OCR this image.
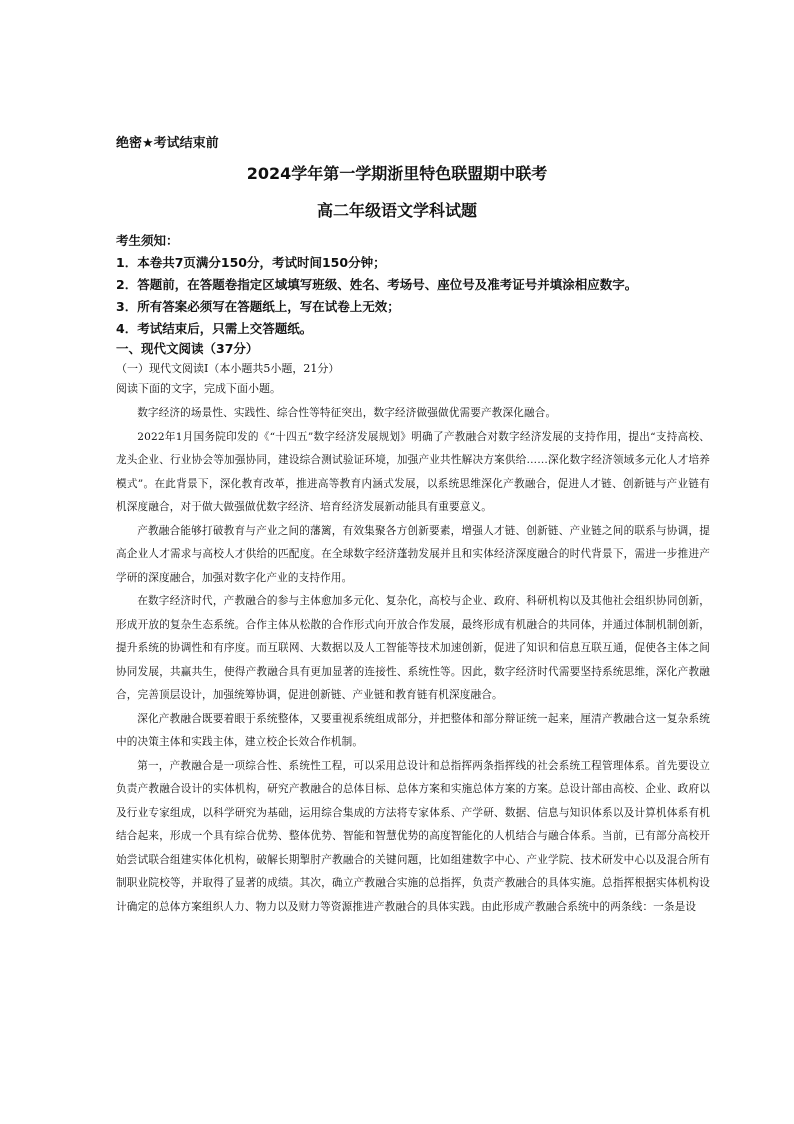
绝密★考试结束前
2024学年第一学期浙里特色联盟期中联考
高二年级语文学科试题
考生须知：
1．本卷共7页满分150分，考试时间150分钟；
2．答题前，在答题卷指定区域填写班级、姓名、考场号、座位号及准考证号并填涂相应数字。
3．所有答案必须写在答题纸上，写在试卷上无效；
4．考试结束后，只需上交答题纸。
一、现代文阅读（37分）
（一）现代文阅读Ⅰ（本小题共5小题，21分）
阅读下面的文字，完成下面小题。

数字经济的场景性、实践性、综合性等特征突出，数字经济做强做优需要产教深化融合。

2022年1月国务院印发的《“十四五”数字经济发展规划》明确了产教融合对数字经济发展的支持作用，提出“支持高校、龙头企业、行业协会等加强协同，建设综合测试验证环境，加强产业共性解决方案供给……深化数字经济领域多元化人才培养模式”。在此背景下，深化教育改革，推进高等教育内涵式发展，以系统思维深化产教融合，促进人才链、创新链与产业链有机深度融合，对于做大做强做优数字经济、培育经济发展新动能具有重要意义。

产教融合能够打破教育与产业之间的藩篱，有效集聚各方创新要素，增强人才链、创新链、产业链之间的联系与协调，提高企业人才需求与高校人才供给的匹配度。在全球数字经济蓬勃发展并且和实体经济深度融合的时代背景下，需进一步推进产学研的深度融合，加强对数字化产业的支持作用。

在数字经济时代，产教融合的参与主体愈加多元化、复杂化，高校与企业、政府、科研机构以及其他社会组织协同创新，形成开放的复杂生态系统。合作主体从松散的合作形式向开放合作发展，最终形成有机融合的共同体，并通过体制机制创新，提升系统的协调性和有序度。而互联网、大数据以及人工智能等技术加速创新，促进了知识和信息互联互通，促使各主体之间协同发展，共赢共生，使得产教融合具有更加显著的连接性、系统性等。因此，数字经济时代需要坚持系统思维，深化产教融合，完善顶层设计，加强统筹协调，促进创新链、产业链和教育链有机深度融合。

深化产教融合既要着眼于系统整体，又要重视系统组成部分，并把整体和部分辩证统一起来，厘清产教融合这一复杂系统中的决策主体和实践主体，建立校企长效合作机制。

第一，产教融合是一项综合性、系统性工程，可以采用总设计和总指挥两条指挥线的社会系统工程管理体系。首先要设立负责产教融合设计的实体机构，研究产教融合的总体目标、总体方案和实施总体方案的方案。总设计部由高校、企业、政府以及行业专家组成，以科学研究为基础，运用综合集成的方法将专家体系、产学研、数据、信息与知识体系以及计算机体系有机结合起来，形成一个具有综合优势、整体优势、智能和智慧优势的高度智能化的人机结合与融合体系。当前，已有部分高校开始尝试联合组建实体化机构，破解长期掣肘产教融合的关键问题，比如组建数字中心、产业学院、技术研发中心以及混合所有制职业院校等，并取得了显著的成绩。其次，确立产教融合实施的总指挥，负责产教融合的具体实施。总指挥根据实体机构设计确定的总体方案组织人力、物力以及财力等资源推进产教融合的具体实践。由此形成产教融合系统中的两条线：一条是设
